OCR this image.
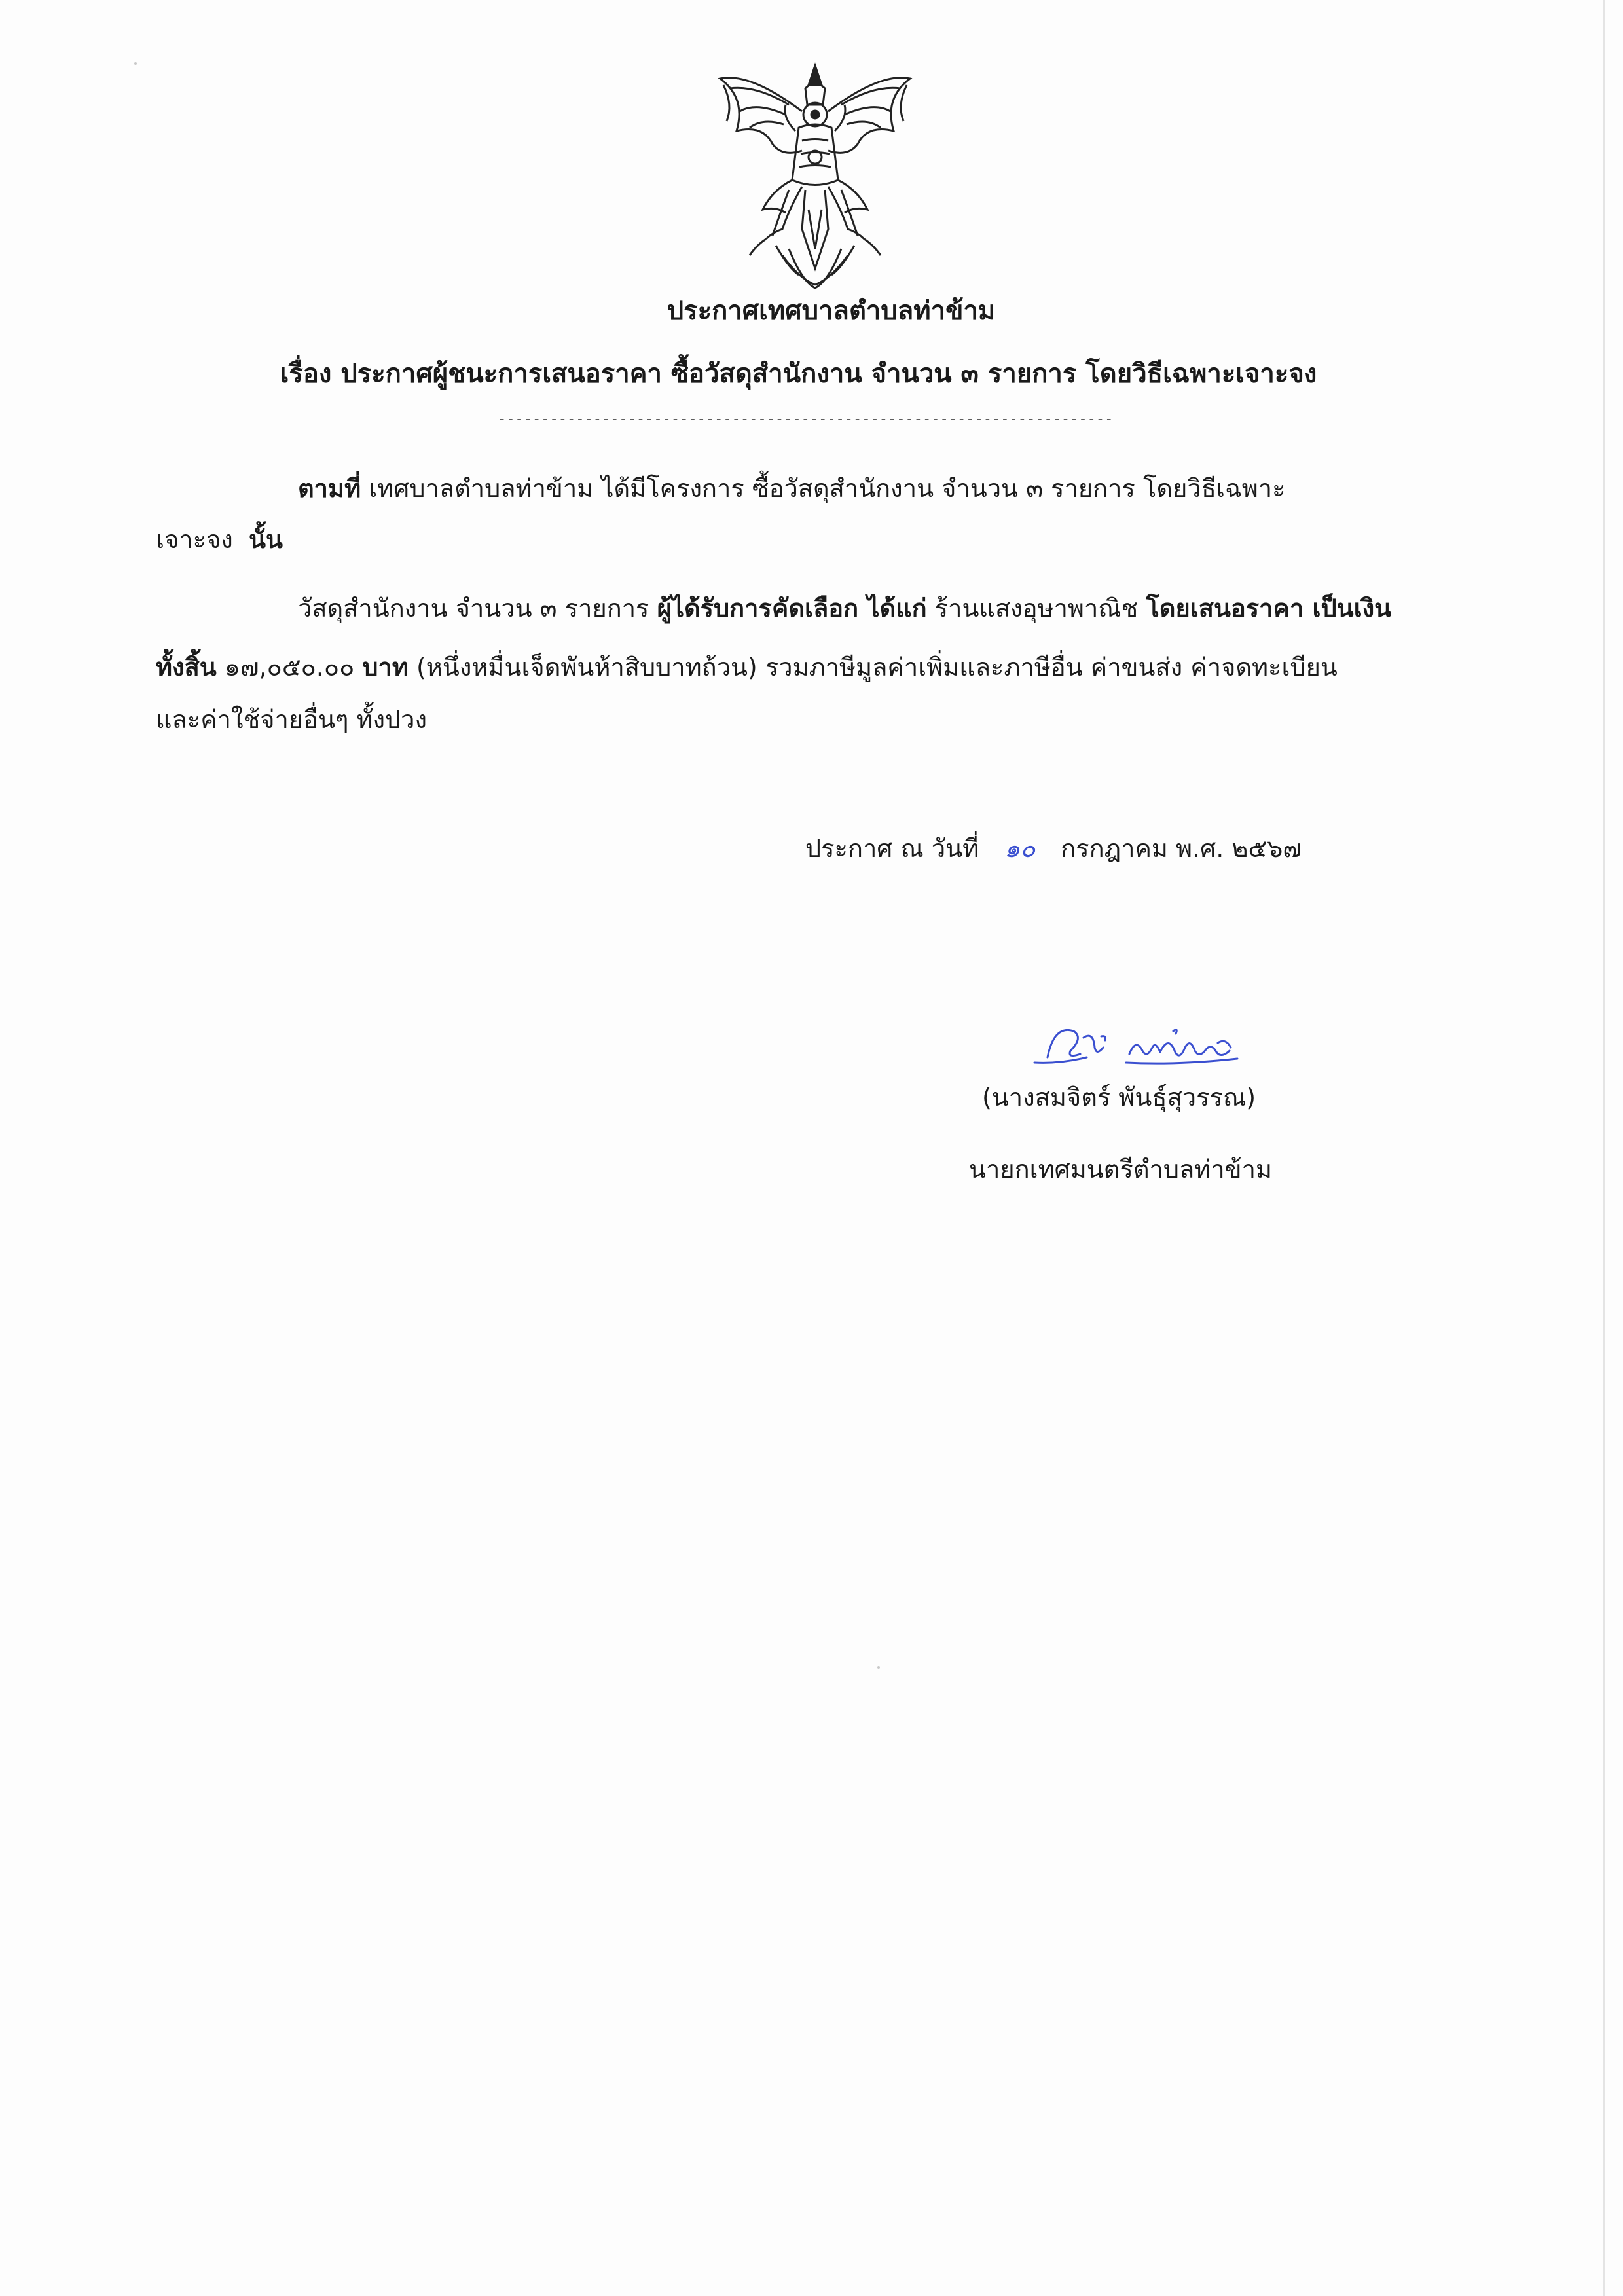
ประกาศเทศบาลตำบลท่าข้าม
เรื่อง ประกาศผู้ชนะการเสนอราคา ซื้อวัสดุสำนักงาน จำนวน ๓ รายการ โดยวิธีเฉพาะเจาะจง
-----------------------------------------------------------------------
ตามที่ เทศบาลตำบลท่าข้าม ได้มีโครงการ ซื้อวัสดุสำนักงาน จำนวน ๓ รายการ โดยวิธีเฉพาะ
เจาะจง นั้น
วัสดุสำนักงาน จำนวน ๓ รายการ ผู้ได้รับการคัดเลือก ได้แก่ ร้านแสงอุษาพาณิช โดยเสนอราคา เป็นเงิน
ทั้งสิ้น ๑๗,๐๕๐.๐๐ บาท (หนึ่งหมื่นเจ็ดพันห้าสิบบาทถ้วน) รวมภาษีมูลค่าเพิ่มและภาษีอื่น ค่าขนส่ง ค่าจดทะเบียน
และค่าใช้จ่ายอื่นๆ ทั้งปวง
ประกาศ ณ วันที่ ๑๐ กรกฎาคม พ.ศ. ๒๕๖๗
(นางสมจิตร์ พันธุ์สุวรรณ)
นายกเทศมนตรีตำบลท่าข้าม
